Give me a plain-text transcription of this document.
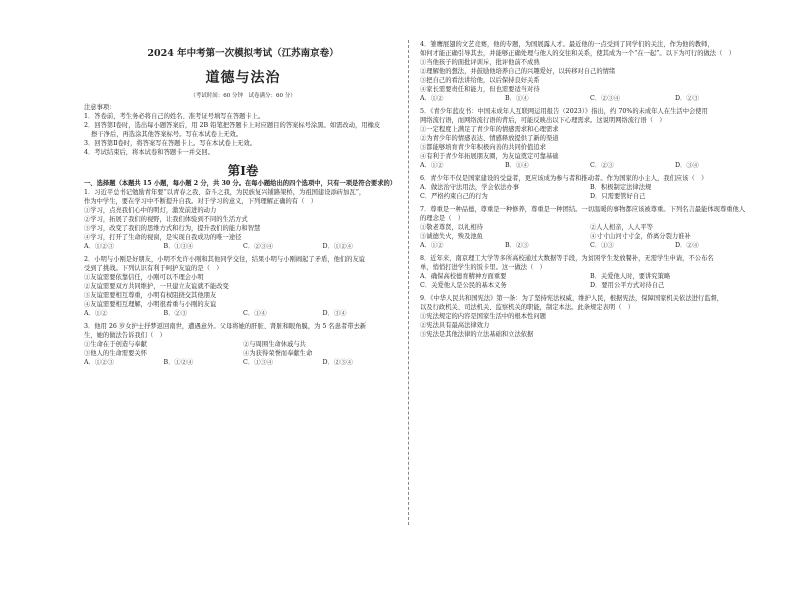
2024 年中考第一次模拟考试（江苏南京卷）
道德与法治
（考试时间：60 分钟　试卷满分：60 分）
注意事项：
1．答卷前，考生务必将自己的姓名、准考证号填写在答题卡上。
2．回答第Ⅰ卷时，选出每小题答案后，用 2B 铅笔把答题卡上对应题目的答案标号涂黑。如需改动，用橡皮
擦干净后，再选涂其他答案标号。写在本试卷上无效。
3．回答第Ⅱ卷时，将答案写在答题卡上。写在本试卷上无效。
4．考试结束后，将本试卷和答题卡一并交回。
第Ⅰ卷
一、选择题（本题共 15 小题，每小题 2 分，共 30 分。在每小题给出的四个选项中，只有一项是符合要求的）
1．习近平总书记勉励青年要“以青春之我、奋斗之我，为民族复兴铺路架桥，为祖国建设添砖加瓦”，
作为中学生，要在学习中不断提升自我。对于学习的意义，下列理解正确的有（　）
①学习，点亮我们心中的明灯，激发前进的动力
②学习，拓展了我们的视野，让我们体验到不同的生活方式
③学习，改变了我们的思维方式和行为，提升我们的能力和智慧
④学习，打开了生命的视窗，是实现自我成功的唯一途径
A．①②③	B．①③④	C．②③④	D．①②④
2．小明与小刚是好朋友，小明不允许小刚和其他同学交往，结果小明与小刚闹起了矛盾，他们的友谊
受到了挑战。下列认识有利于呵护友谊的是（　）
①友谊需要依靠信任，小刚可以不理会小明
②友谊需要双方共同维护，一旦建立友谊就不能改变
③友谊需要相互尊重，小明有权阻挠交其他朋友
④友谊需要相互理解，小明很看重与小刚的友谊
A．①②	B．②③	C．①④	D．③④
3．他用 26 岁女护士抒梦返回南世，遭遇意外。父母将她的肝脏、肾脏和眼角膜，为 5 名患者带去新
生，她的做法告诉我们（　）
①生命在于创造与奉献	②与周围生命休戚与共
③他人的生命需要关怀	④为获得荣誉而奉献生命
A．①②③	B．①②④	C．①③④	D．②③④
4．雏鹰展翅的文艺竞赛，他的专题，为国展露人才。最近他的一点受到了同学们的关注，作为他的教师，
如何才能正确引导其去，并能够正确处理与他人的交往和关系，使其成为一个“在一起”。以下为可行的做法（　）
①当他孩子的面批评训斥，批评他前不成熟
②理解他的想法，并鼓励他培养自己的兴趣爱好，以转移对自己的情绪
③把自己的看法讲给他，以后保持良好关系
④家长需要责任和能力，但也需要适当对待
A．①②	B．①④	C．②③④	D．②③
5．《青少年蓝皮书：中国未成年人互联网运用报告（2023）》指出，约 70%的未成年人在生活中会使用
网络流行语，而网络流行语的背后，可能反映出以下心理需求。这说明网络流行语（　）
①一定程度上满足了青少年的情感需求和心理需求
②为青少年的情感表达、情感释放提供了新的渠道
③都能够培育青少年积极向善的共同价值追求
④有利于青少年拓展朋友圈，为友谊奠定可靠基础
A．①②	B．①④	C．②③	D．③④
6．青少年不仅是国家建设的受益者，更应该成为参与者和推动者。作为国家的小主人，我们应该（　）
A．做法治守法用法，学会依法办事	B．积极制定法律法规
C．严格约束自己的行为	D．只需要管好自己
7．尊重是一种品德，尊重是一种修养，尊重是一种团结。一切温暖的事物都应该被尊重。下列名言最能体现尊重他人
的理念是（　）
①敬老尊贤，以礼相待	②人人相亲，人人平等
③诚德失火，殃及池鱼	④寸寸山河寸寸金，侨离分裂力谁补
A．①②	B．②③	C．①③	D．②④
8．近年来，南京理工大学等多所高校通过大数据等手段，为贫困学生发放餐补，无需学生申请，不公布名
单，悄悄打进学生的饭卡里。这一做法（　）
A．确保高校德育精神方面重要	B．关爱他人时，要讲究策略
C．关爱他人是公民的基本义务	D．要用公平方式对待自己
9．《中华人民共和国宪法》第一条：为了坚持宪法权威，维护人民，根据宪法，保障国家机关依法进行监督，
以及行政机关、司法机关、监察机关的职能，制定本法。此条规定表明（　）
①宪法规定的内容是国家生活中的根本性问题
②宪法具有最高法律效力
③宪法是其他法律的立法基础和立法依据
